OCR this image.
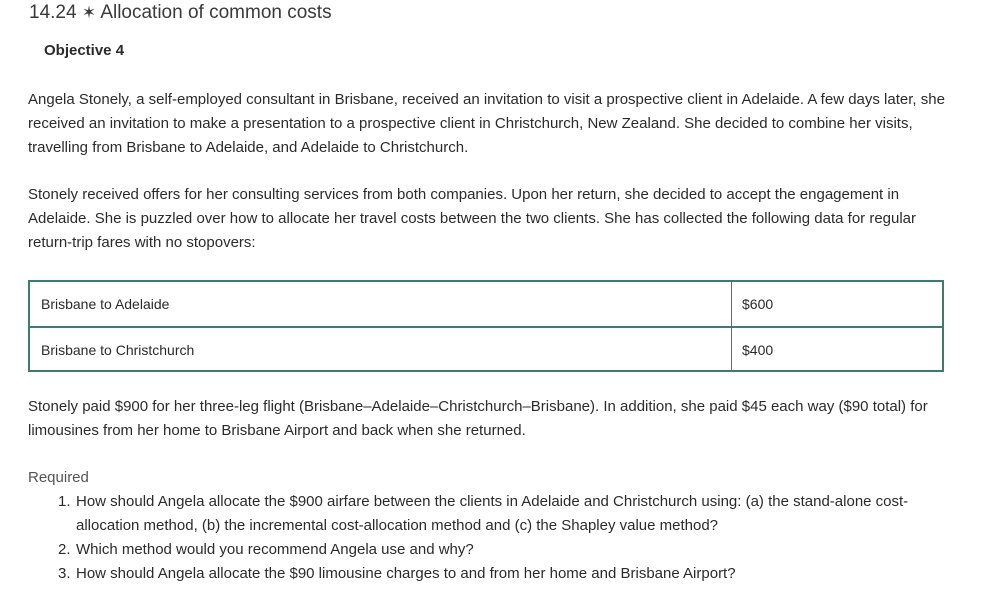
14.24 ✶ Allocation of common costs
Objective 4
Angela Stonely, a self-employed consultant in Brisbane, received an invitation to visit a prospective client in Adelaide. A few days later, she received an invitation to make a presentation to a prospective client in Christchurch, New Zealand. She decided to combine her visits, travelling from Brisbane to Adelaide, and Adelaide to Christchurch.
Stonely received offers for her consulting services from both companies. Upon her return, she decided to accept the engagement in Adelaide. She is puzzled over how to allocate her travel costs between the two clients. She has collected the following data for regular return-trip fares with no stopovers:
Brisbane to Adelaide	$600
Brisbane to Christchurch	$400
Stonely paid $900 for her three-leg flight (Brisbane–Adelaide–Christchurch–Brisbane). In addition, she paid $45 each way ($90 total) for limousines from her home to Brisbane Airport and back when she returned.
Required
1. How should Angela allocate the $900 airfare between the clients in Adelaide and Christchurch using: (a) the stand-alone cost-allocation method, (b) the incremental cost-allocation method and (c) the Shapley value method?
2. Which method would you recommend Angela use and why?
3. How should Angela allocate the $90 limousine charges to and from her home and Brisbane Airport?
